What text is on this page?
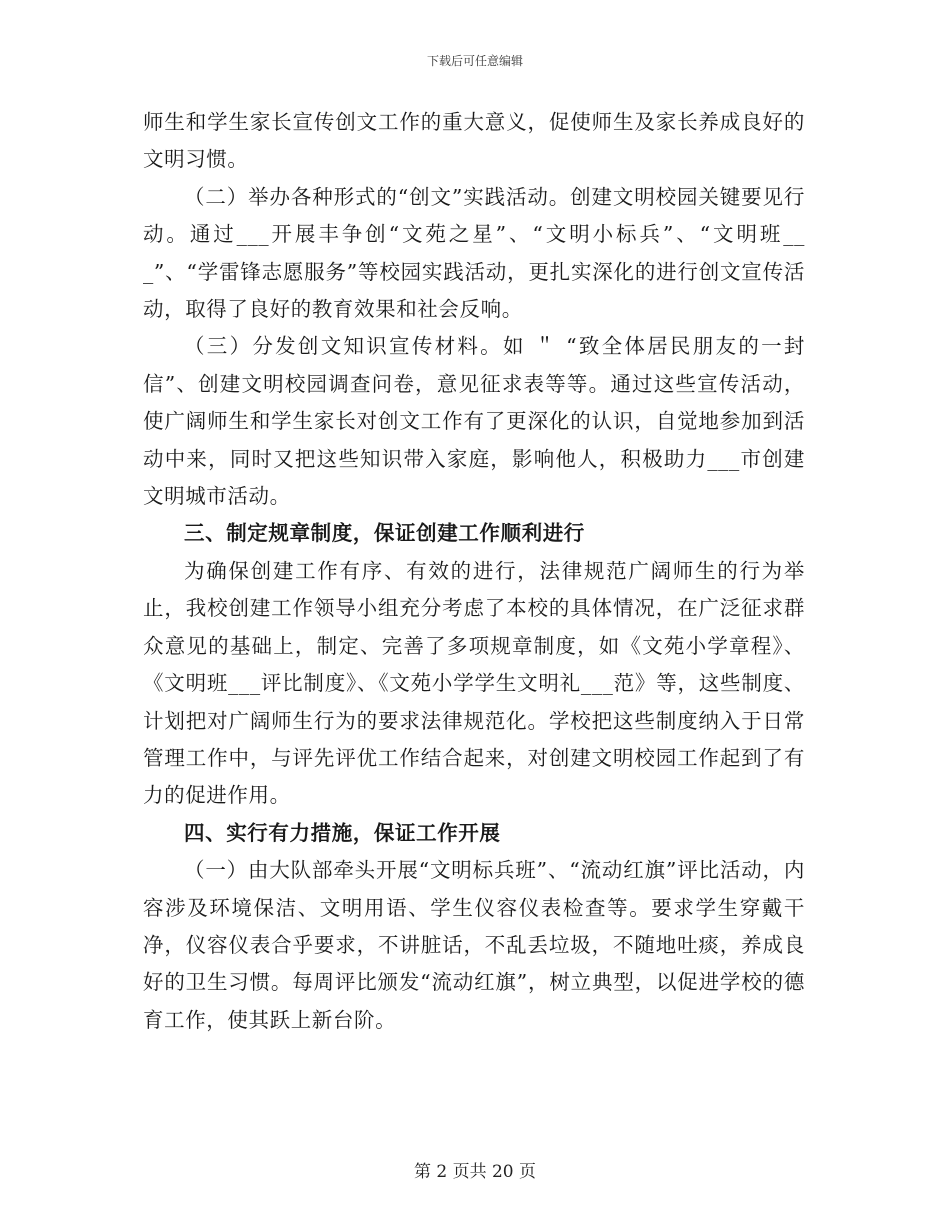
下载后可任意编辑

师生和学生家长宣传创文工作的重大意义，促使师生及家长养成良好的文明习惯。

（二）举办各种形式的“创文”实践活动。创建文明校园关键要见行动。通过___开展丰争创“文苑之星”、“文明小标兵”、“文明班___”、“学雷锋志愿服务”等校园实践活动，更扎实深化的进行创文宣传活动，取得了良好的教育效果和社会反响。

（三）分发创文知识宣传材料。如 ＂ “致全体居民朋友的一封信”、创建文明校园调查问卷，意见征求表等等。通过这些宣传活动，使广阔师生和学生家长对创文工作有了更深化的认识，自觉地参加到活动中来，同时又把这些知识带入家庭，影响他人，积极助力___市创建文明城市活动。

三、制定规章制度，保证创建工作顺利进行

为确保创建工作有序、有效的进行，法律规范广阔师生的行为举止，我校创建工作领导小组充分考虑了本校的具体情况，在广泛征求群众意见的基础上，制定、完善了多项规章制度，如《文苑小学章程》、《文明班___评比制度》、《文苑小学学生文明礼___范》等，这些制度、计划把对广阔师生行为的要求法律规范化。学校把这些制度纳入于日常管理工作中，与评先评优工作结合起来，对创建文明校园工作起到了有力的促进作用。

四、实行有力措施，保证工作开展

（一）由大队部牵头开展“文明标兵班”、“流动红旗”评比活动，内容涉及环境保洁、文明用语、学生仪容仪表检查等。要求学生穿戴干净，仪容仪表合乎要求，不讲脏话，不乱丢垃圾，不随地吐痰，养成良好的卫生习惯。每周评比颁发“流动红旗”，树立典型，以促进学校的德育工作，使其跃上新台阶。

第 2 页共 20 页
